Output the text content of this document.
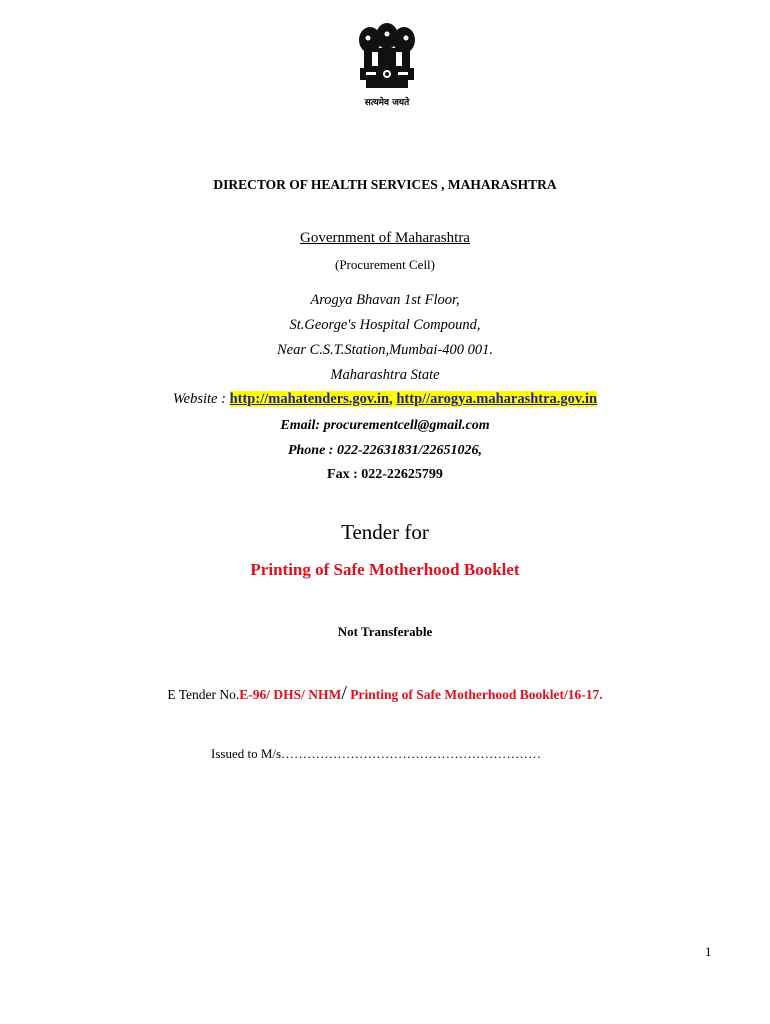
सत्यमेव जयते
DIRECTOR OF HEALTH SERVICES , MAHARASHTRA
Government of Maharashtra
(Procurement Cell)
Arogya Bhavan 1st Floor,
St.George's Hospital Compound,
Near C.S.T.Station,Mumbai-400 001.
Maharashtra State
Website : http://mahatenders.gov.in, http//arogya.maharashtra.gov.in
Email: procurementcell@gmail.com
Phone : 022-22631831/22651026,
Fax : 022-22625799
Tender for
Printing of Safe Motherhood Booklet
Not Transferable
E Tender No.E-96/ DHS/ NHM/ Printing of Safe Motherhood Booklet/16-17.
Issued to M/s……………………………………………………
1
